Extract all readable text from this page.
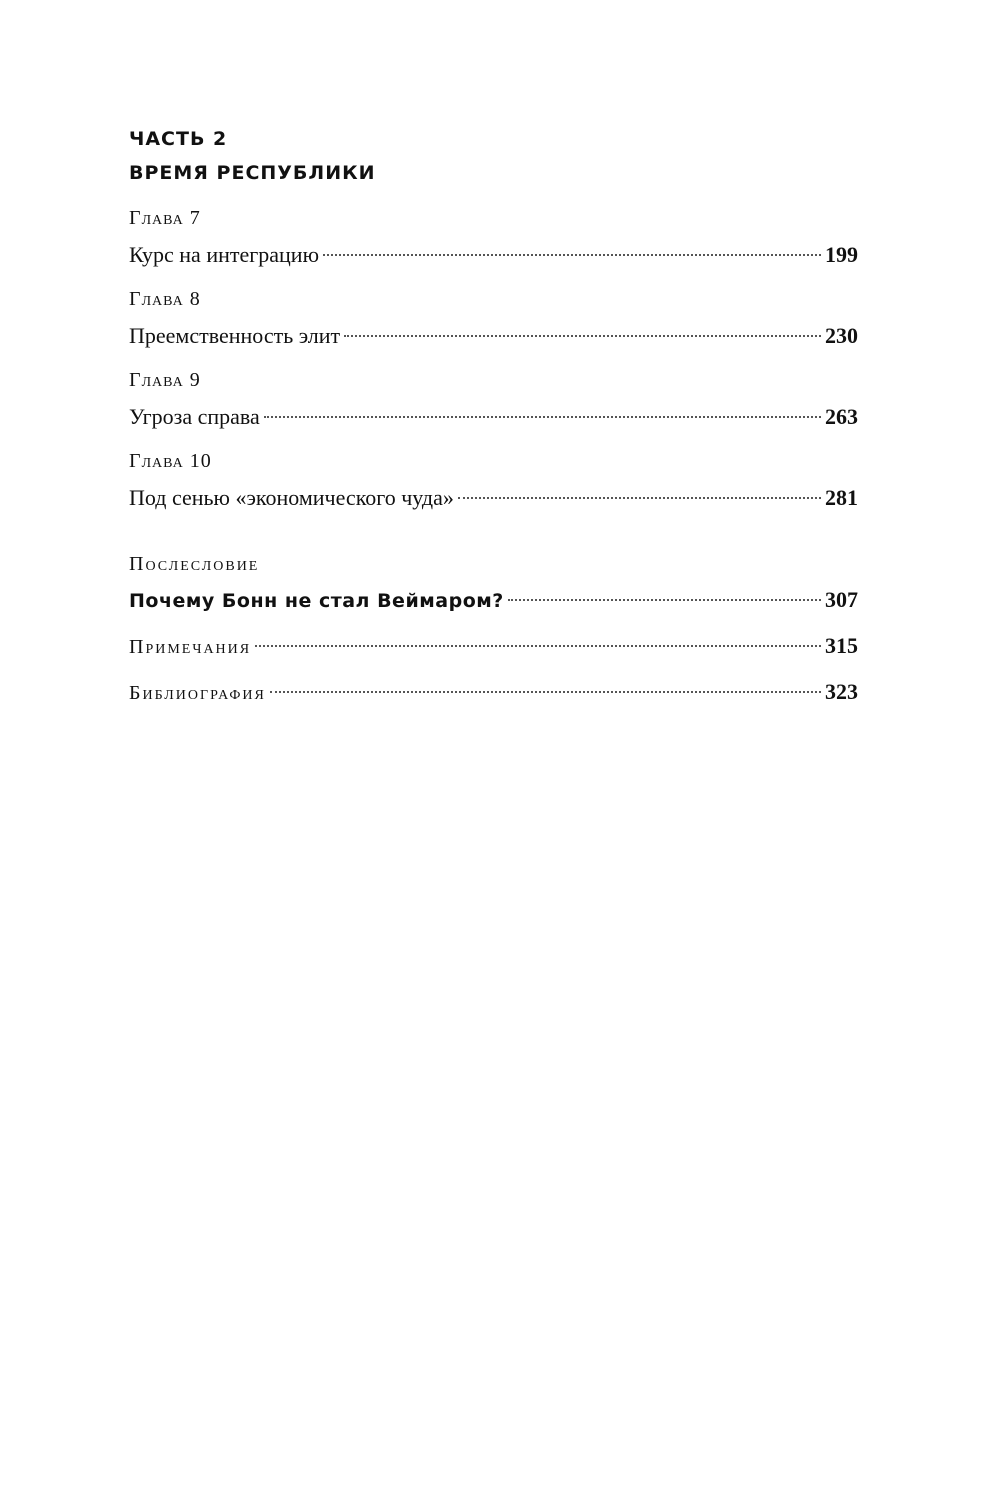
ЧАСТЬ 2
ВРЕМЯ РЕСПУБЛИКИ
Глава 7
Курс на интеграцию	199
Глава 8
Преемственность элит	230
Глава 9
Угроза справа	263
Глава 10
Под сенью «экономического чуда»	281
Послесловие
Почему Бонн не стал Веймаром?	307
Примечания	315
Библиография	323
